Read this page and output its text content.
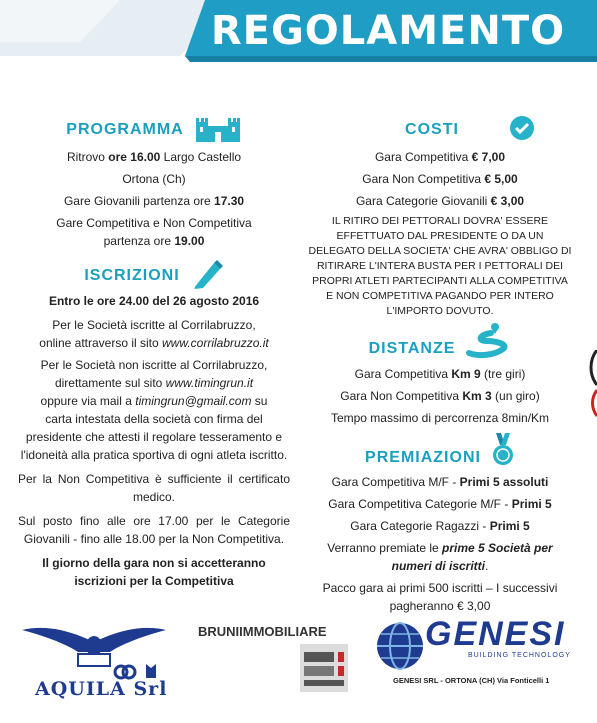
REGOLAMENTO
PROGRAMMA

Ritrovo ore 16.00 Largo Castello

Ortona (Ch)

Gare Giovanili partenza ore 17.30

Gare Competitiva e Non Competitiva

partenza ore 19.00

ISCRIZIONI

Entro le ore 24.00 del 26 agosto 2016

Per le Società iscritte al Corrilabruzzo,

online attraverso il sito www.corrilabruzzo.it

Per le Società non iscritte al Corrilabruzzo,

direttamente sul sito www.timingrun.it

oppure via mail a timingrun@gmail.com su

carta intestata della società con firma del presidente che attesti il regolare tesseramento e l'idoneità alla pratica sportiva di ogni atleta iscritto.

Per la Non Competitiva è sufficiente il certificato medico.

Sul posto fino alle ore 17.00 per le Categorie Giovanili - fino alle 18.00 per la Non Competitiva.

Il giorno della gara non si accetteranno iscrizioni per la Competitiva

COSTI

Gara Competitiva € 7,00

Gara Non Competitiva € 5,00

Gara Categorie Giovanili € 3,00

IL RITIRO DEI PETTORALI DOVRA' ESSERE EFFETTUATO DAL PRESIDENTE O DA UN DELEGATO DELLA SOCIETA' CHE AVRA' OBBLIGO DI RITIRARE L'INTERA BUSTA PER I PETTORALI DEI PROPRI ATLETI PARTECIPANTI ALLA COMPETITIVA E NON COMPETITIVA PAGANDO PER INTERO L'IMPORTO DOVUTO.

DISTANZE

Gara Competitiva Km 9 (tre giri)

Gara Non Competitiva Km 3 (un giro)

Tempo massimo di percorrenza 8min/Km

PREMIAZIONI

Gara Competitiva M/F - Primi 5 assoluti

Gara Competitiva Categorie M/F - Primi 5

Gara Categorie Ragazzi - Primi 5

Verranno premiate le prime 5 Società per numeri di iscritti.

Pacco gara ai primi 500 iscritti – I successivi pagheranno € 3,00

AQUILA Srl
BRUNIIMMOBILIARE	GENESI
BUILDING TECHNOLOGY
GENESI SRL - ORTONA (CH) Via Fonticelli 1
